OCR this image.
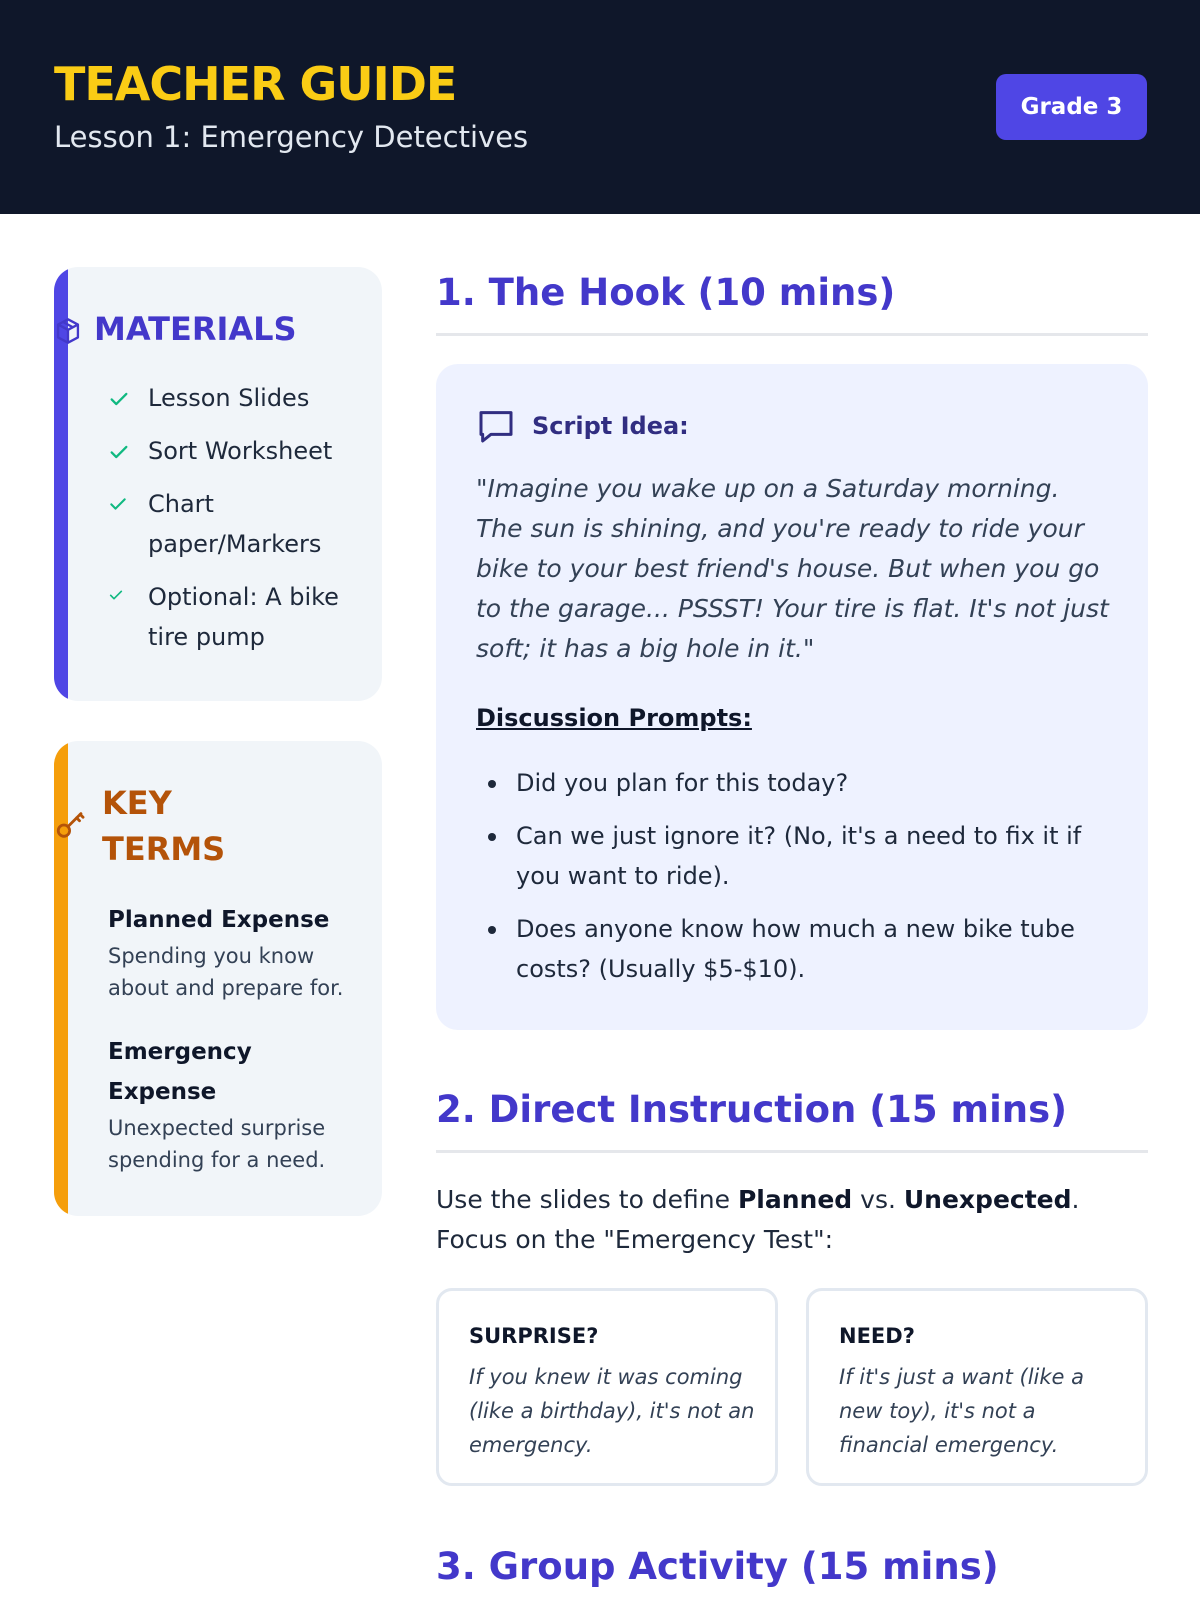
TEACHER GUIDE
Lesson 1: Emergency Detectives
Grade 3
MATERIALS
Lesson Slides
Sort Worksheet
Chart paper/Markers
Optional: A bike tire pump
KEY TERMS
Planned Expense
Spending you know about and prepare for.
Emergency Expense
Unexpected surprise spending for a need.
1. The Hook (10 mins)
Script Idea:
"Imagine you wake up on a Saturday morning. The sun is shining, and you're ready to ride your bike to your best friend's house. But when you go to the garage... PSSST! Your tire is flat. It's not just soft; it has a big hole in it."
Discussion Prompts:
Did you plan for this today?
Can we just ignore it? (No, it's a need to fix it if you want to ride).
Does anyone know how much a new bike tube costs? (Usually $5-$10).
2. Direct Instruction (15 mins)
Use the slides to define Planned vs. Unexpected. Focus on the "Emergency Test":
SURPRISE?
If you knew it was coming (like a birthday), it's not an emergency.
NEED?
If it's just a want (like a new toy), it's not a financial emergency.
3. Group Activity (15 mins)
